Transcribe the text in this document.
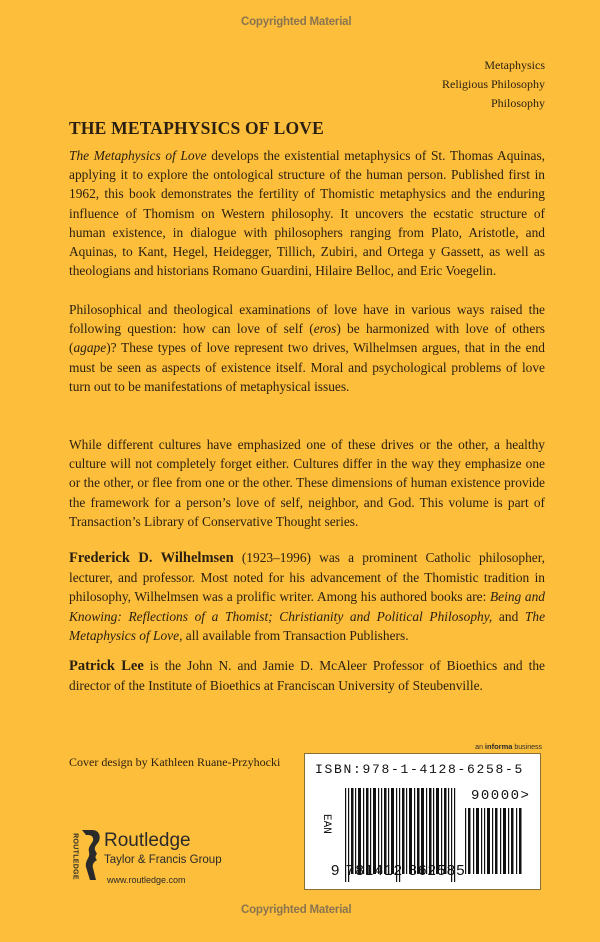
Copyrighted Material
Metaphysics
Religious Philosophy
Philosophy
THE METAPHYSICS OF LOVE

The Metaphysics of Love develops the existential metaphysics of St. Thomas Aquinas, applying it to explore the ontological structure of the human person. Published first in 1962, this book demonstrates the fertility of Thomistic metaphysics and the enduring influence of Thomism on Western philosophy. It uncovers the ecstatic structure of human existence, in dialogue with philosophers ranging from Plato, Aristotle, and Aquinas, to Kant, Hegel, Heidegger, Tillich, Zubiri, and Ortega y Gassett, as well as theologians and historians Romano Guardini, Hilaire Belloc, and Eric Voegelin.

Philosophical and theological examinations of love have in various ways raised the following question: how can love of self (eros) be harmonized with love of others (agape)? These types of love represent two drives, Wilhelmsen argues, that in the end must be seen as aspects of existence itself. Moral and psychological problems of love turn out to be manifestations of metaphysical issues.

While different cultures have emphasized one of these drives or the other, a healthy culture will not completely forget either. Cultures differ in the way they emphasize one or the other, or flee from one or the other. These dimensions of human existence provide the framework for a person’s love of self, neighbor, and God. This volume is part of Transaction’s Library of Conservative Thought series.

Frederick D. Wilhelmsen (1923–1996) was a prominent Catholic philosopher, lecturer, and professor. Most noted for his advancement of the Thomistic tradition in philosophy, Wilhelmsen was a prolific writer. Among his authored books are: Being and Knowing: Reflections of a Thomist; Christianity and Political Philosophy, and The Metaphysics of Love, all available from Transaction Publishers.

Patrick Lee is the John N. and Jamie D. McAleer Professor of Bioethics and the director of the Institute of Bioethics at Franciscan University of Steubenville.

Cover design by Kathleen Ruane-Przyhocki
ROUTLEDGE Routledge
Taylor & Francis Group
www.routledge.com
an informa business
ISBN:978-1-4128-6258-5
EAN
90000>
9 781412 862585
Copyrighted Material
